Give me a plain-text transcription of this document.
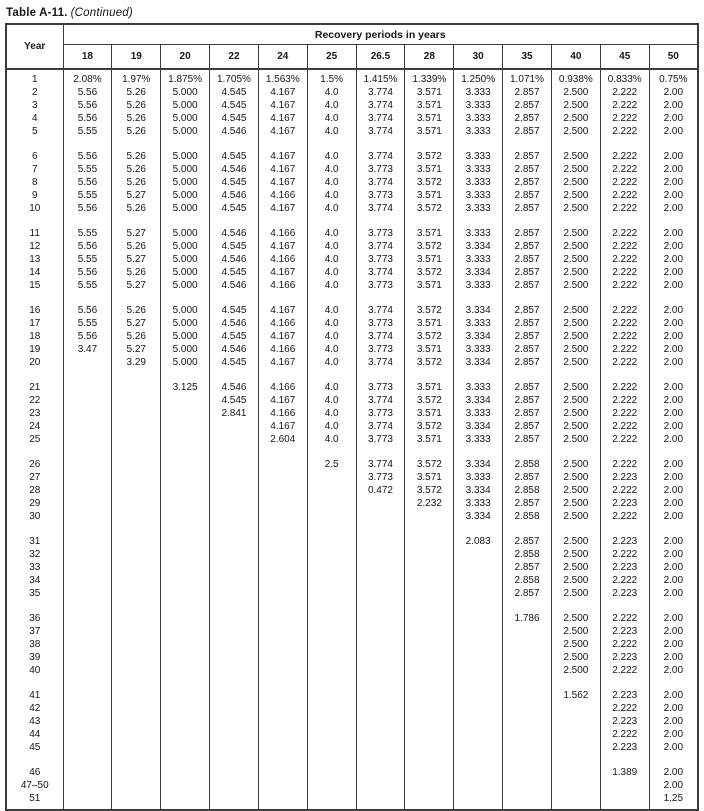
Table A-11. (Continued)
Year	Recovery periods in years												
	18	19	20	22	24	25	26.5	28	30	35	40	45	50

1	2.08%	1.97%	1.875%	1.705%	1.563%	1.5%	1.415%	1.339%	1.250%	1.071%	0.938%	0.833%	0.75%
2	5.56	5.26	5.000	4.545	4.167	4.0	3.774	3.571	3.333	2.857	2.500	2.222	2.00
3	5.56	5.26	5.000	4.545	4.167	4.0	3.774	3.571	3.333	2.857	2.500	2.222	2.00
4	5.56	5.26	5.000	4.545	4.167	4.0	3.774	3.571	3.333	2.857	2.500	2.222	2.00
5	5.55	5.26	5.000	4.546	4.167	4.0	3.774	3.571	3.333	2.857	2.500	2.222	2.00

6	5.56	5.26	5.000	4.545	4.167	4.0	3.774	3.572	3.333	2.857	2.500	2.222	2.00
7	5.55	5.26	5.000	4.546	4.167	4.0	3.773	3.571	3.333	2.857	2.500	2.222	2.00
8	5.56	5.26	5.000	4.545	4.167	4.0	3.774	3.572	3.333	2.857	2.500	2.222	2.00
9	5.55	5.27	5.000	4.546	4.166	4.0	3.773	3.571	3.333	2.857	2.500	2.222	2.00
10	5.56	5.26	5.000	4.545	4.167	4.0	3.774	3.572	3.333	2.857	2.500	2.222	2.00

11	5.55	5.27	5.000	4.546	4.166	4.0	3.773	3.571	3.333	2.857	2.500	2.222	2.00
12	5.56	5.26	5.000	4.545	4.167	4.0	3.774	3.572	3.334	2.857	2.500	2.222	2.00
13	5.55	5.27	5.000	4.546	4.166	4.0	3.773	3.571	3.333	2.857	2.500	2.222	2.00
14	5.56	5.26	5.000	4.545	4.167	4.0	3.774	3.572	3.334	2.857	2.500	2.222	2.00
15	5.55	5.27	5.000	4.546	4.166	4.0	3.773	3.571	3.333	2.857	2.500	2.222	2.00

16	5.56	5.26	5.000	4.545	4.167	4.0	3.774	3.572	3.334	2.857	2.500	2.222	2.00
17	5.55	5.27	5.000	4.546	4.166	4.0	3.773	3.571	3.333	2.857	2.500	2.222	2.00
18	5.56	5.26	5.000	4.545	4.167	4.0	3.774	3.572	3.334	2.857	2.500	2.222	2.00
19	3.47	5.27	5.000	4.546	4.166	4.0	3.773	3.571	3.333	2.857	2.500	2.222	2.00
20		3.29	5.000	4.545	4.167	4.0	3.774	3.572	3.334	2.857	2.500	2.222	2.00

21			3.125	4.546	4.166	4.0	3.773	3.571	3.333	2.857	2.500	2.222	2.00
22				4.545	4.167	4.0	3.774	3.572	3.334	2.857	2.500	2.222	2.00
23				2.841	4.166	4.0	3.773	3.571	3.333	2.857	2.500	2.222	2.00
24					4.167	4.0	3.774	3.572	3.334	2.857	2.500	2.222	2.00
25					2.604	4.0	3.773	3.571	3.333	2.857	2.500	2.222	2.00

26						2.5	3.774	3.572	3.334	2.858	2.500	2.222	2.00
27							3.773	3.571	3.333	2.857	2.500	2.223	2.00
28							0.472	3.572	3.334	2.858	2.500	2.222	2.00
29								2.232	3.333	2.857	2.500	2.223	2.00
30									3.334	2.858	2.500	2.222	2.00

31									2.083	2.857	2.500	2.223	2.00
32										2.858	2.500	2.222	2.00
33										2.857	2.500	2.223	2.00
34										2.858	2.500	2.222	2.00
35										2.857	2.500	2.223	2.00

36										1.786	2.500	2.222	2.00
37											2.500	2.223	2.00
38											2.500	2.222	2.00
39											2.500	2.223	2.00
40											2.500	2.222	2.00

41											1.562	2.223	2.00
42												2.222	2.00
43												2.223	2.00
44												2.222	2.00
45												2.223	2.00

46												1.389	2.00
47–50													2.00
51													1.25
